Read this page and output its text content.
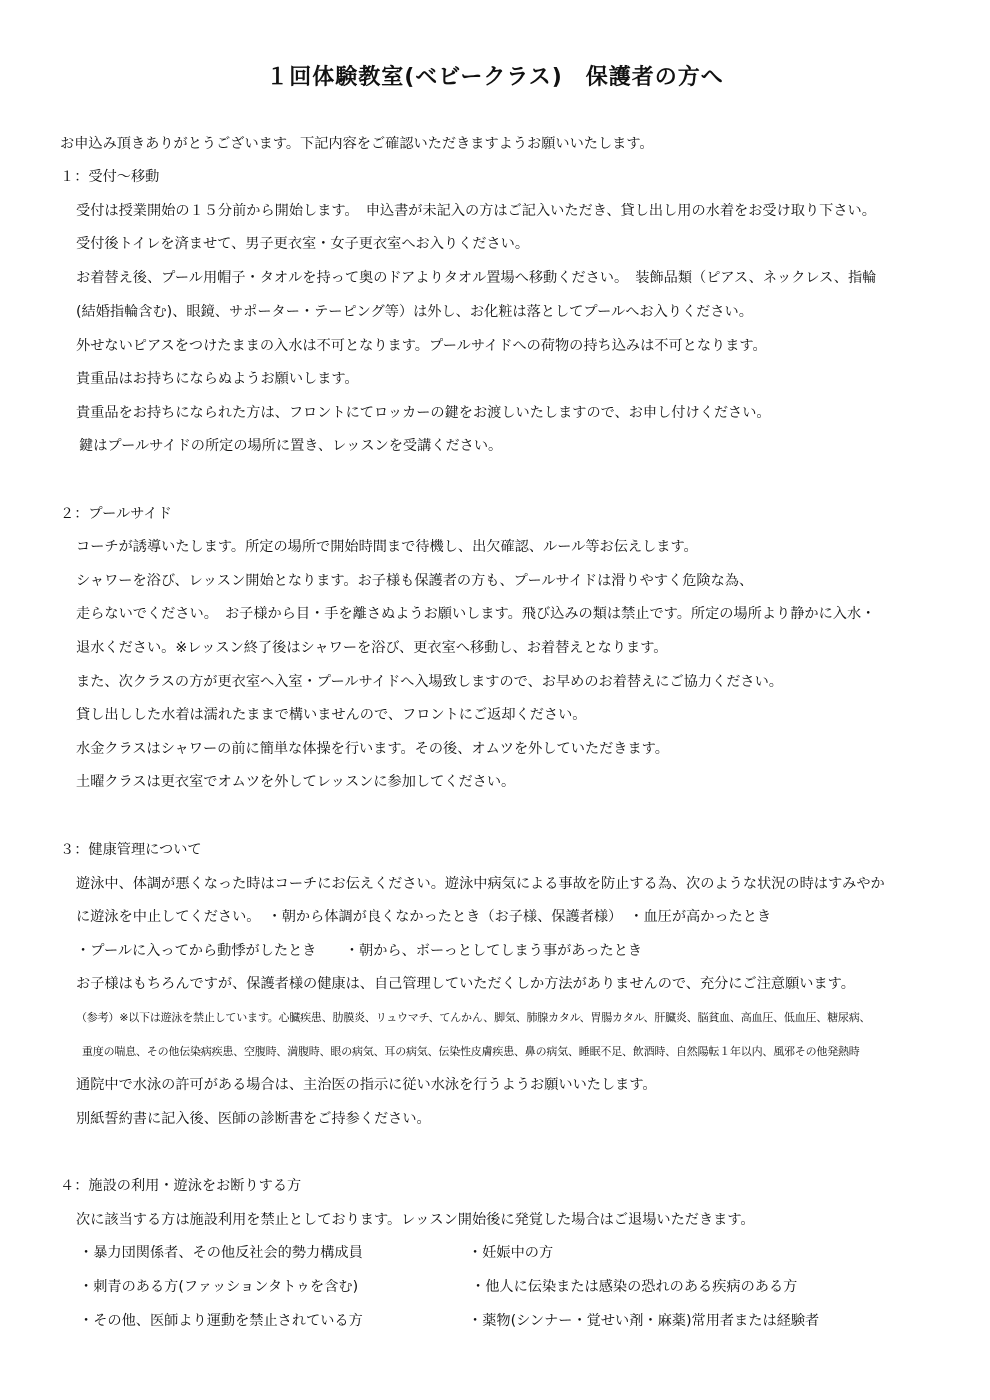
１回体験教室(ベビークラス)　保護者の方へ

お申込み頂きありがとうございます。下記内容をご確認いただきますようお願いいたします。

１：受付～移動

受付は授業開始の１５分前から開始します。　申込書が未記入の方はご記入いただき、貸し出し用の水着をお受け取り下さい。

受付後トイレを済ませて、男子更衣室・女子更衣室へお入りください。

お着替え後、プール用帽子・タオルを持って奥のドアよりタオル置場へ移動ください。　装飾品類（ピアス、ネックレス、指輪

(結婚指輪含む)、眼鏡、サポーター・テーピング等）は外し、お化粧は落としてプールへお入りください。

外せないピアスをつけたままの入水は不可となります。プールサイドへの荷物の持ち込みは不可となります。

貴重品はお持ちにならぬようお願いします。

貴重品をお持ちになられた方は、フロントにてロッカーの鍵をお渡しいたしますので、お申し付けください。

鍵はプールサイドの所定の場所に置き、レッスンを受講ください。

２：プールサイド

コーチが誘導いたします。所定の場所で開始時間まで待機し、出欠確認、ルール等お伝えします。

シャワーを浴び、レッスン開始となります。お子様も保護者の方も、プールサイドは滑りやすく危険な為、

走らないでください。　お子様から目・手を離さぬようお願いします。飛び込みの類は禁止です。所定の場所より静かに入水・

退水ください。※レッスン終了後はシャワーを浴び、更衣室へ移動し、お着替えとなります。

また、次クラスの方が更衣室へ入室・プールサイドへ入場致しますので、お早めのお着替えにご協力ください。

貸し出しした水着は濡れたままで構いませんので、フロントにご返却ください。

水金クラスはシャワーの前に簡単な体操を行います。その後、オムツを外していただきます。

土曜クラスは更衣室でオムツを外してレッスンに参加してください。

３：健康管理について

遊泳中、体調が悪くなった時はコーチにお伝えください。遊泳中病気による事故を防止する為、次のような状況の時はすみやか

に遊泳を中止してください。　・朝から体調が良くなかったとき（お子様、保護者様）　・血圧が高かったとき

・プールに入ってから動悸がしたとき　　・朝から、ボーっとしてしまう事があったとき

お子様はもちろんですが、保護者様の健康は、自己管理していただくしか方法がありませんので、充分にご注意願います。

（参考）※以下は遊泳を禁止しています。心臓疾患、肋膜炎、リュウマチ、てんかん、脚気、肺腺カタル、胃腸カタル、肝臓炎、脳貧血、高血圧、低血圧、糖尿病、

重度の喘息、その他伝染病疾患、空腹時、満腹時、眼の病気、耳の病気、伝染性皮膚疾患、鼻の病気、睡眠不足、飲酒時、自然陽転１年以内、風邪その他発熱時

通院中で水泳の許可がある場合は、主治医の指示に従い水泳を行うようお願いいたします。

別紙誓約書に記入後、医師の診断書をご持参ください。

４：施設の利用・遊泳をお断りする方

次に該当する方は施設利用を禁止としております。レッスン開始後に発覚した場合はご退場いただきます。

・暴力団関係者、その他反社会的勢力構成員	・妊娠中の方

・刺青のある方(ファッションタトゥを含む)	・他人に伝染または感染の恐れのある疾病のある方

・その他、医師より運動を禁止されている方	・薬物(シンナー・覚せい剤・麻薬)常用者または経験者
